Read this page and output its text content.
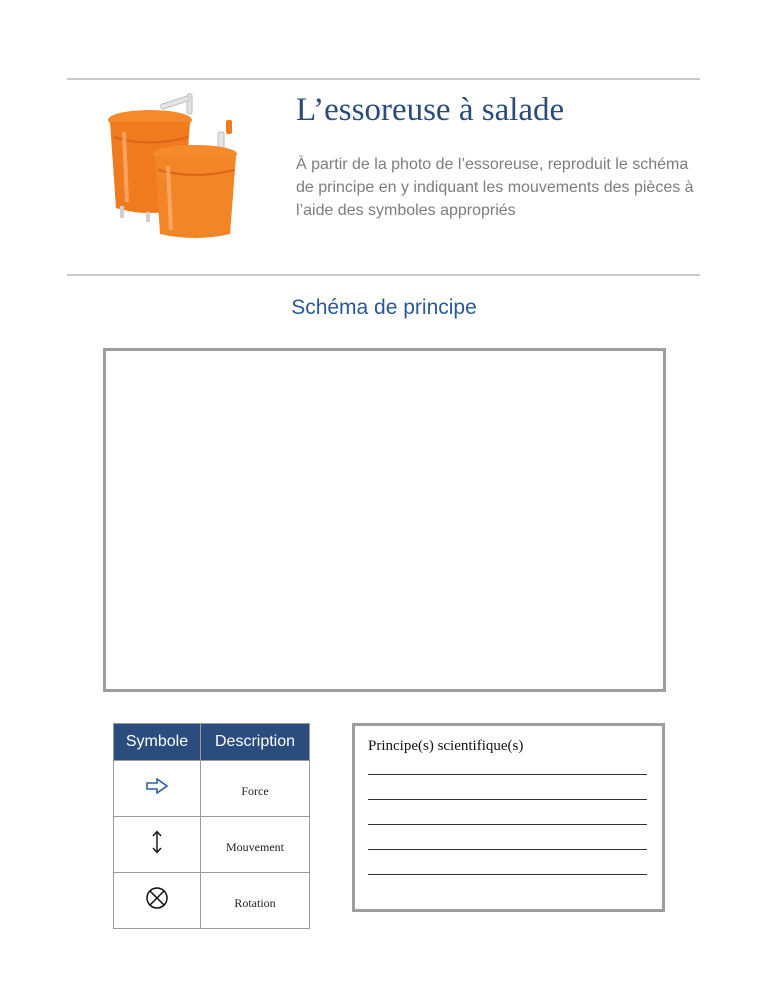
L’essoreuse à salade
À partir de la photo de l’essoreuse, reproduit le schéma de principe en y indiquant les mouvements des pièces à l’aide des symboles appropriés
Schéma de principe
Symbole	Description
	Force
	Mouvement
	Rotation
Principe(s) scientifique(s)
